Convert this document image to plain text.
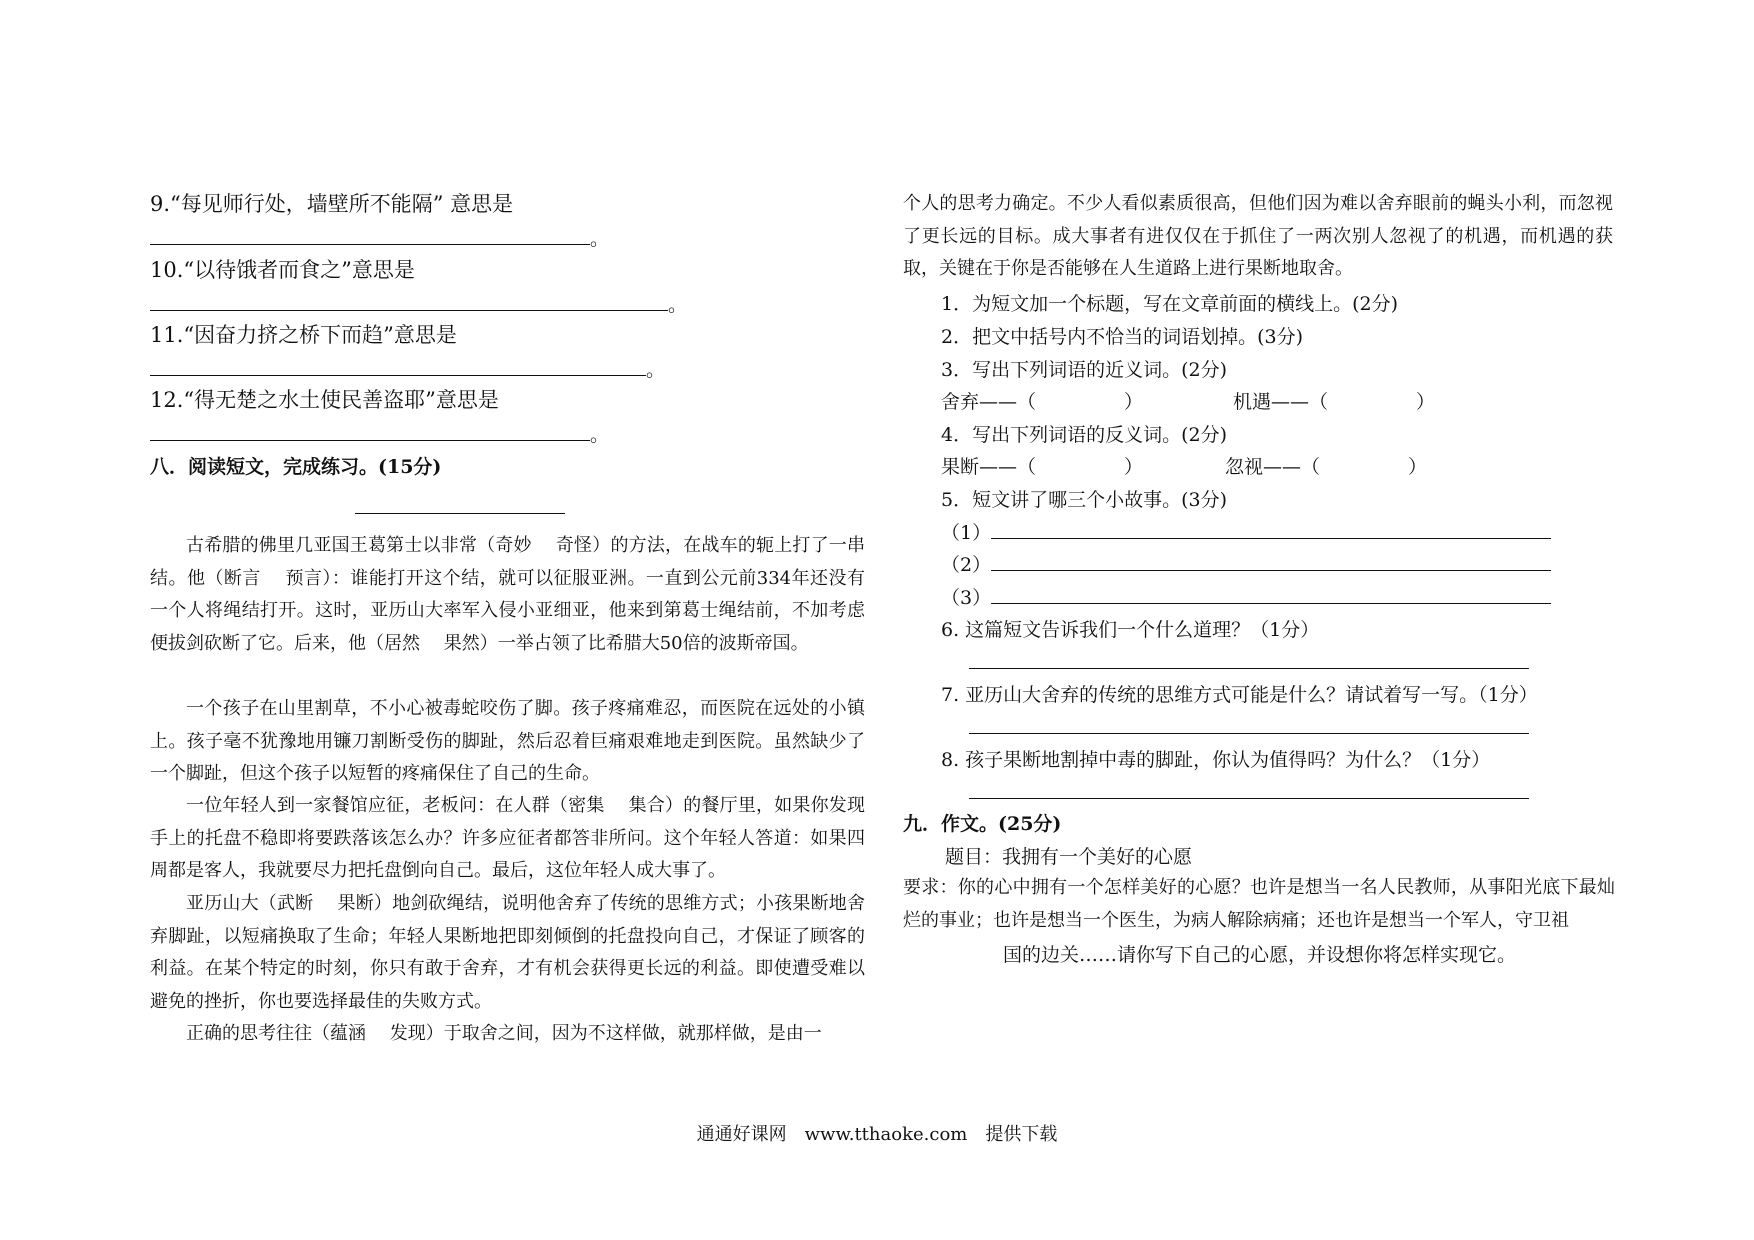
9.“每见师行处，墙壁所不能隔” 意思是
。
10.“以待饿者而食之”意思是
。
11.“因奋力挤之桥下而趋”意思是
。
12.“得无楚之水土使民善盗耶”意思是
。
八．阅读短文，完成练习。(15分)
古希腊的佛里几亚国王葛第士以非常（奇妙　 奇怪）的方法，在战车的轭上打了一串结。他（断言　 预言）：谁能打开这个结，就可以征服亚洲。一直到公元前334年还没有一个人将绳结打开。这时，亚历山大率军入侵小亚细亚，他来到第葛士绳结前，不加考虑便拔剑砍断了它。后来，他（居然　 果然）一举占领了比希腊大50倍的波斯帝国。
一个孩子在山里割草，不小心被毒蛇咬伤了脚。孩子疼痛难忍，而医院在远处的小镇上。孩子毫不犹豫地用镰刀割断受伤的脚趾，然后忍着巨痛艰难地走到医院。虽然缺少了一个脚趾，但这个孩子以短暂的疼痛保住了自己的生命。
一位年轻人到一家餐馆应征，老板问：在人群（密集　 集合）的餐厅里，如果你发现手上的托盘不稳即将要跌落该怎么办？许多应征者都答非所问。这个年轻人答道：如果四周都是客人，我就要尽力把托盘倒向自己。最后，这位年轻人成大事了。
亚历山大（武断　 果断）地剑砍绳结，说明他舍弃了传统的思维方式；小孩果断地舍弃脚趾，以短痛换取了生命；年轻人果断地把即刻倾倒的托盘投向自己，才保证了顾客的利益。在某个特定的时刻，你只有敢于舍弃，才有机会获得更长远的利益。即使遭受难以避免的挫折，你也要选择最佳的失败方式。
正确的思考往往（蕴涵　 发现）于取舍之间，因为不这样做，就那样做，是由一
个人的思考力确定。不少人看似素质很高，但他们因为难以舍弃眼前的蝇头小利，而忽视了更长远的目标。成大事者有进仅仅在于抓住了一两次别人忽视了的机遇，而机遇的获取，关键在于你是否能够在人生道路上进行果断地取舍。
1．为短文加一个标题，写在文章前面的横线上。(2分)
2．把文中括号内不恰当的词语划掉。(3分)
3．写出下列词语的近义词。(2分)
舍弃——（	）	机遇——（	）
4．写出下列词语的反义词。(2分)
果断——（	）	忽视——（	）
5．短文讲了哪三个小故事。(3分)
（1）
（2）
（3）
6. 这篇短文告诉我们一个什么道理？（1分）
7. 亚历山大舍弃的传统的思维方式可能是什么？请试着写一写。（1分）
8. 孩子果断地割掉中毒的脚趾，你认为值得吗？为什么？（1分）
九．作文。(25分)
题目：我拥有一个美好的心愿
要求：你的心中拥有一个怎样美好的心愿？也许是想当一名人民教师，从事阳光底下最灿烂的事业；也许是想当一个医生，为病人解除病痛；还也许是想当一个军人，守卫祖
国的边关……请你写下自己的心愿，并设想你将怎样实现它。
通通好课网　www.tthaoke.com　提供下载
